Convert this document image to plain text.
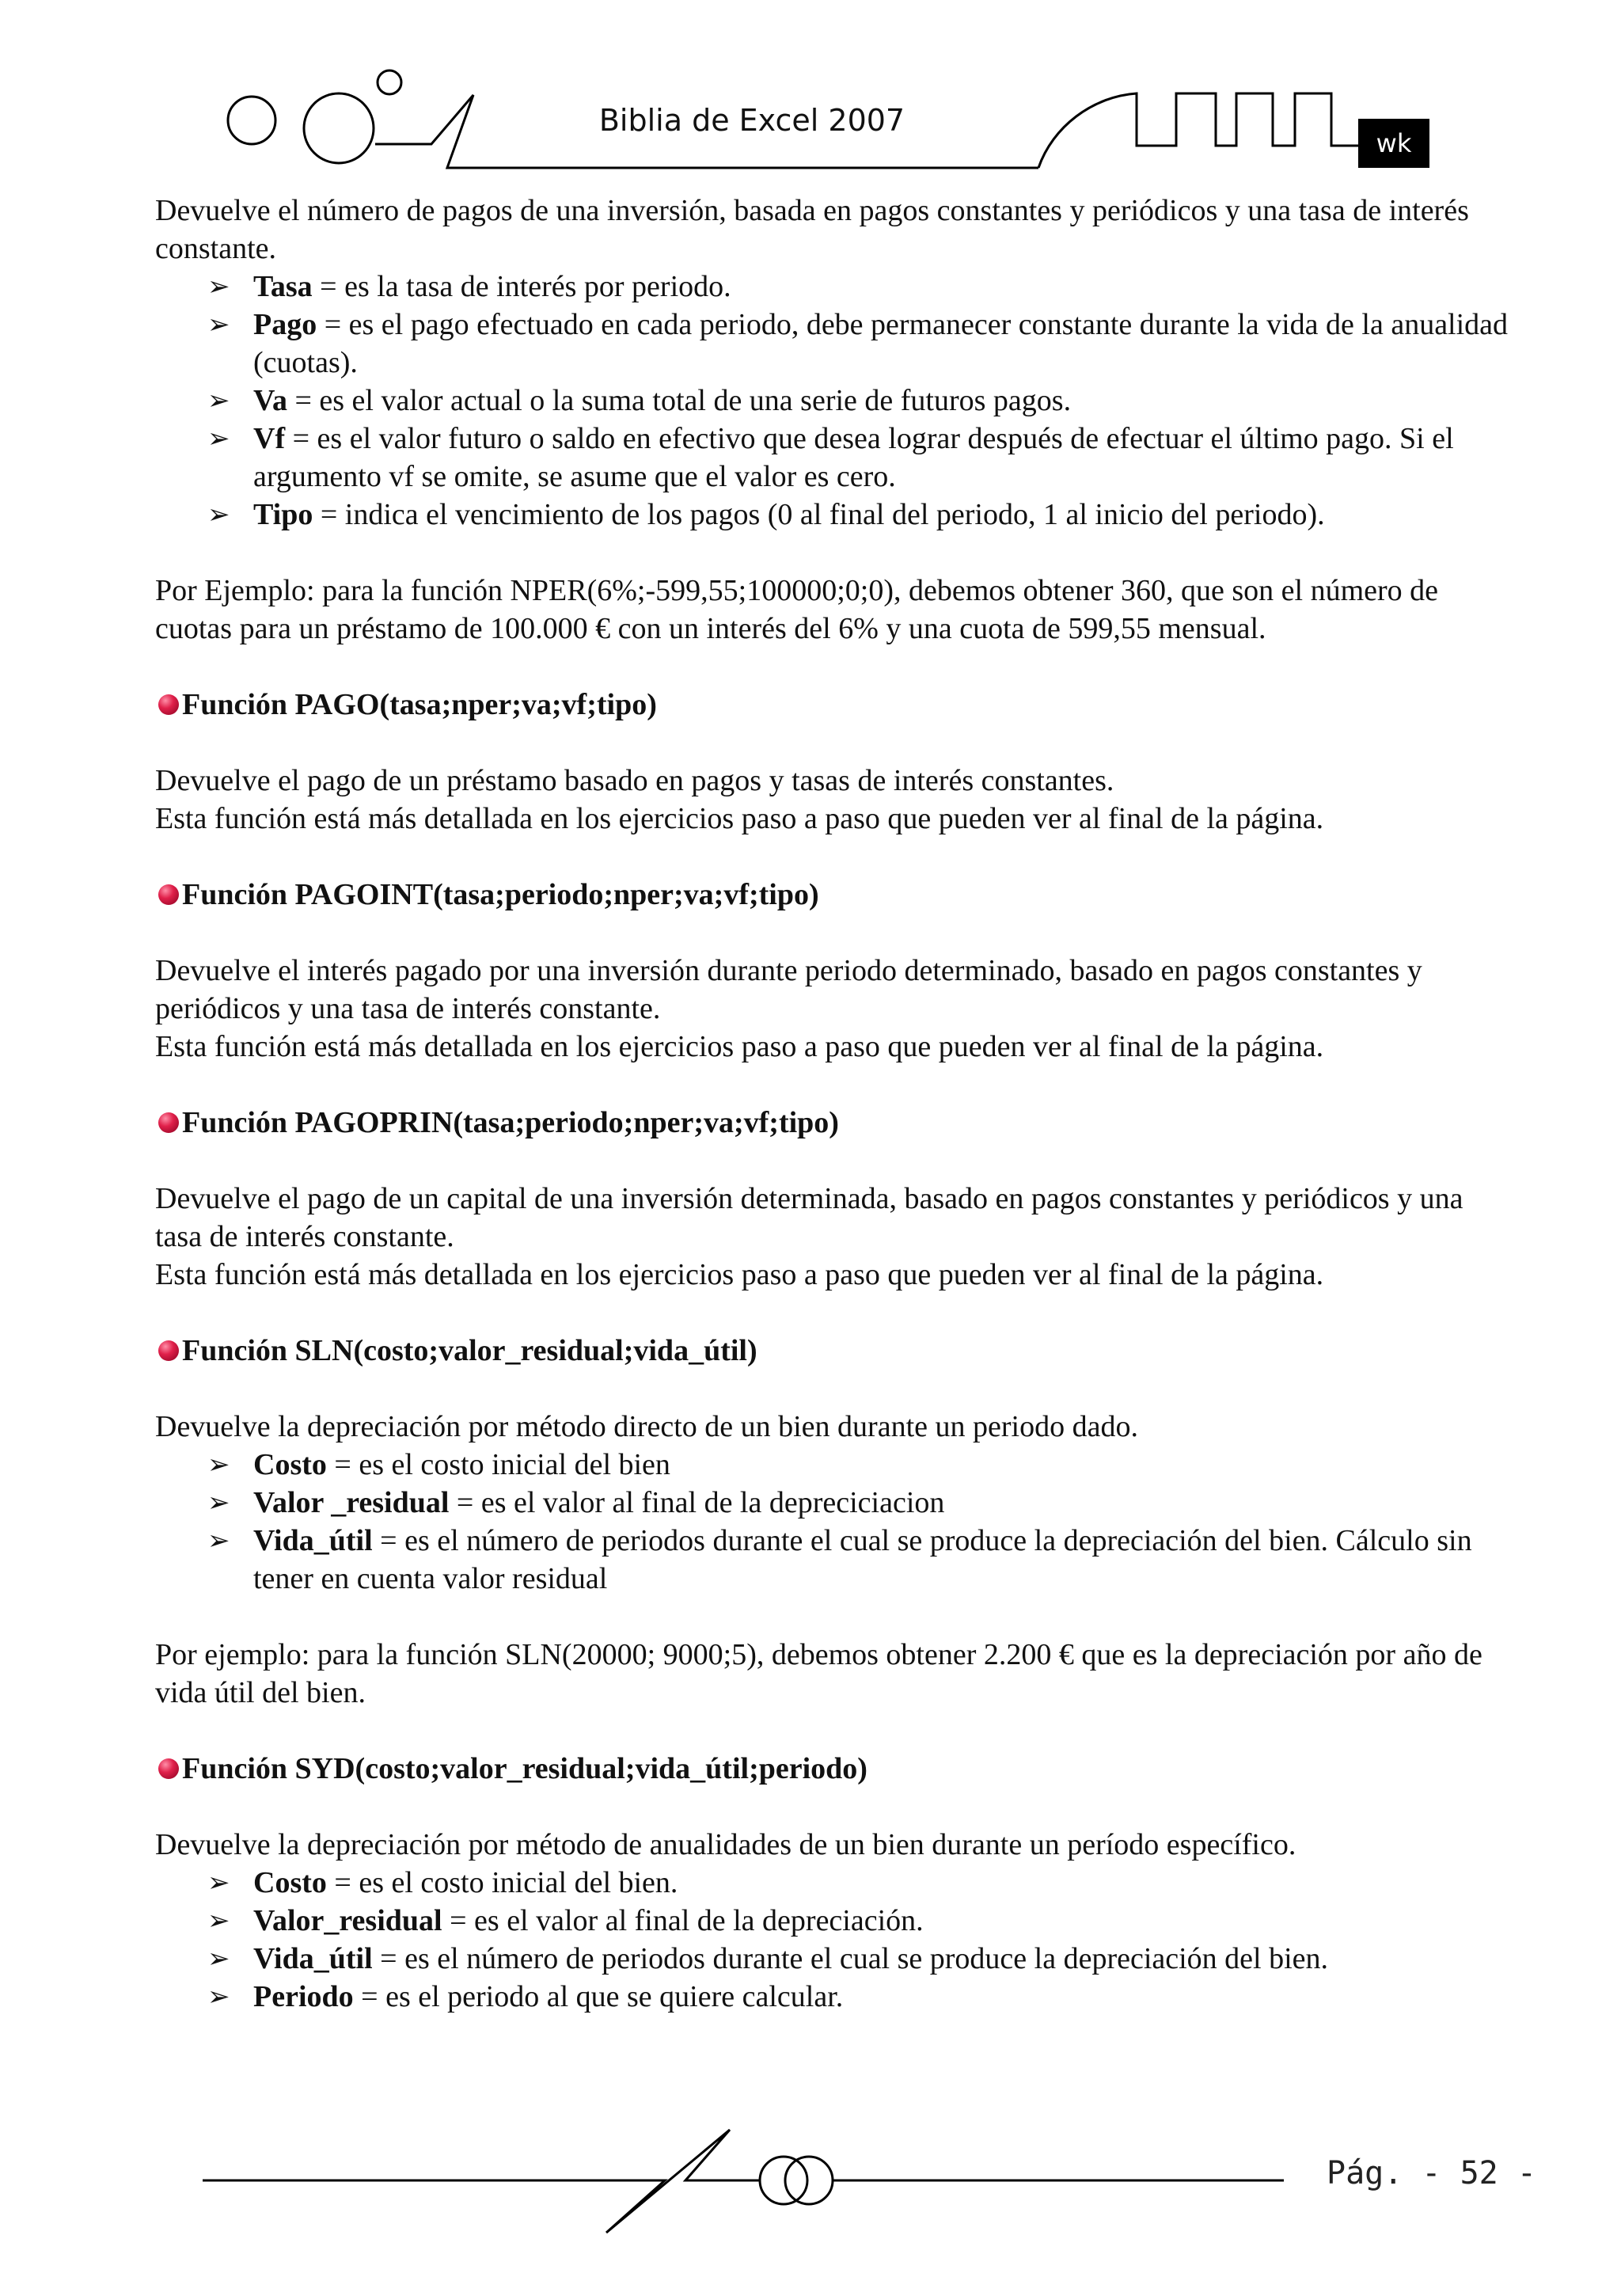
Biblia de Excel 2007
wk

Devuelve el número de pagos de una inversión, basada en pagos constantes y periódicos y una tasa de interés constante.

➢ Tasa = es la tasa de interés por periodo.
➢ Pago = es el pago efectuado en cada periodo, debe permanecer constante durante la vida de la anualidad (cuotas).
➢ Va = es el valor actual o la suma total de una serie de futuros pagos.
➢ Vf = es el valor futuro o saldo en efectivo que desea lograr después de efectuar el último pago. Si el argumento vf se omite, se asume que el valor es cero.
➢ Tipo = indica el vencimiento de los pagos (0 al final del periodo, 1 al inicio del periodo).

Por Ejemplo: para la función NPER(6%;-599,55;100000;0;0), debemos obtener 360, que son el número de cuotas para un préstamo de 100.000 € con un interés del 6% y una cuota de 599,55 mensual.

Función PAGO(tasa;nper;va;vf;tipo)

Devuelve el pago de un préstamo basado en pagos y tasas de interés constantes.

Esta función está más detallada en los ejercicios paso a paso que pueden ver al final de la página.

Función PAGOINT(tasa;periodo;nper;va;vf;tipo)

Devuelve el interés pagado por una inversión durante periodo determinado, basado en pagos constantes y periódicos y una tasa de interés constante.

Esta función está más detallada en los ejercicios paso a paso que pueden ver al final de la página.

Función PAGOPRIN(tasa;periodo;nper;va;vf;tipo)

Devuelve el pago de un capital de una inversión determinada, basado en pagos constantes y periódicos y una tasa de interés constante.

Esta función está más detallada en los ejercicios paso a paso que pueden ver al final de la página.

Función SLN(costo;valor_residual;vida_útil)

Devuelve la depreciación por método directo de un bien durante un periodo dado.

➢ Costo = es el costo inicial del bien
➢ Valor _residual = es el valor al final de la depreciciacion
➢ Vida_útil = es el número de periodos durante el cual se produce la depreciación del bien. Cálculo sin tener en cuenta valor residual

Por ejemplo: para la función SLN(20000; 9000;5), debemos obtener 2.200 € que es la depreciación por año de vida útil del bien.

Función SYD(costo;valor_residual;vida_útil;periodo)

Devuelve la depreciación por método de anualidades de un bien durante un período específico.

➢ Costo = es el costo inicial del bien.
➢ Valor_residual = es el valor al final de la depreciación.
➢ Vida_útil = es el número de periodos durante el cual se produce la depreciación del bien.
➢ Periodo = es el periodo al que se quiere calcular.
Pág. - 52 -
